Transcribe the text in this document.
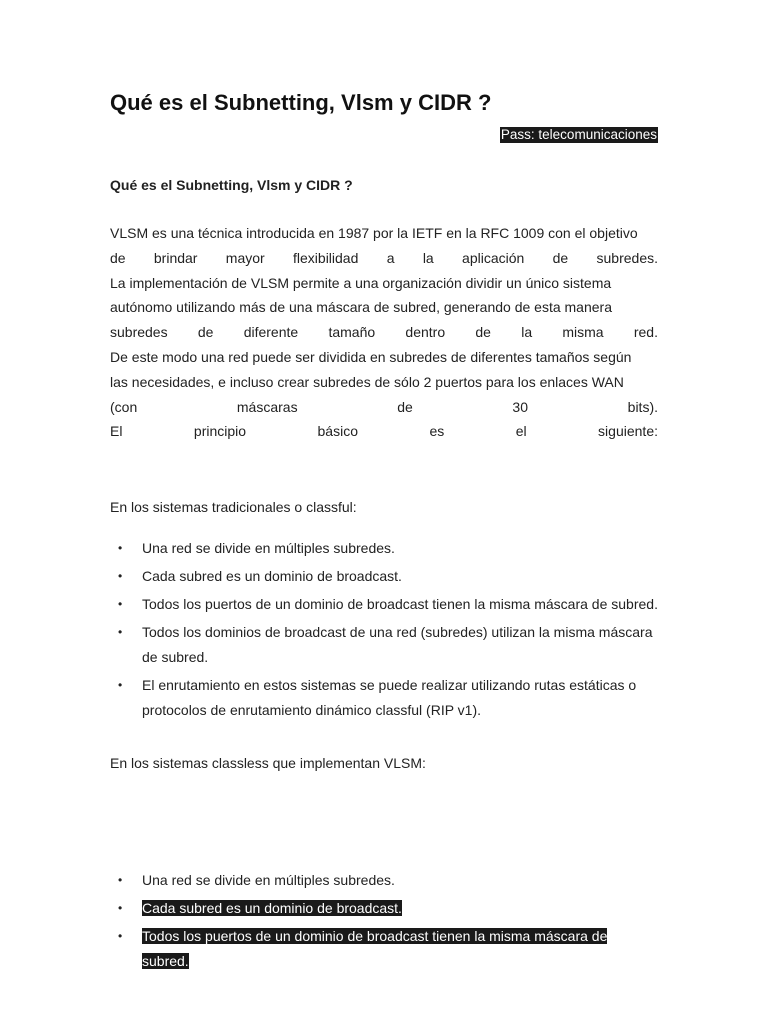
Qué es el Subnetting, Vlsm y CIDR ?
Pass: telecomunicaciones
Qué es el Subnetting, Vlsm y CIDR ?
VLSM es una técnica introducida en 1987 por la IETF en la RFC 1009 con el objetivo
de brindar mayor flexibilidad a la aplicación de subredes.
La implementación de VLSM permite a una organización dividir un único sistema
autónomo utilizando más de una máscara de subred, generando de esta manera
subredes de diferente tamaño dentro de la misma red.
De este modo una red puede ser dividida en subredes de diferentes tamaños según
las necesidades, e incluso crear subredes de sólo 2 puertos para los enlaces WAN
(con máscaras de 30 bits).
El principio básico es el siguiente:
En los sistemas tradicionales o classful:
• Una red se divide en múltiples subredes.
• Cada subred es un dominio de broadcast.
• Todos los puertos de un dominio de broadcast tienen la misma máscara de subred.
• Todos los dominios de broadcast de una red (subredes) utilizan la misma máscara de subred.
• El enrutamiento en estos sistemas se puede realizar utilizando rutas estáticas o protocolos de enrutamiento dinámico classful (RIP v1).
En los sistemas classless que implementan VLSM:
• Una red se divide en múltiples subredes.
• Cada subred es un dominio de broadcast.
• Todos los puertos de un dominio de broadcast tienen la misma máscara de
subred.
